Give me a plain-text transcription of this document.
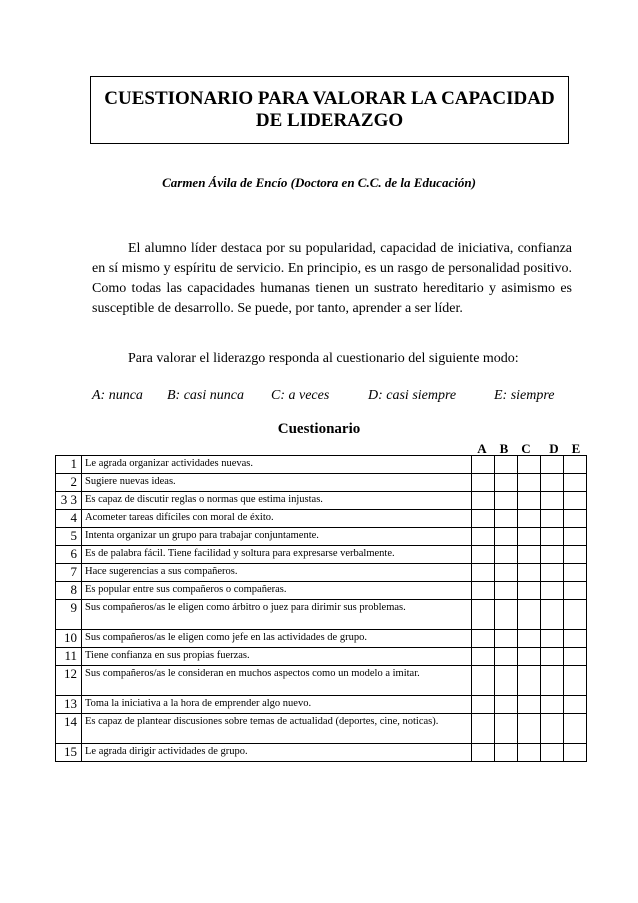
CUESTIONARIO PARA VALORAR LA CAPACIDAD
DE LIDERAZGO
Carmen Ávila de Encío (Doctora en C.C. de la Educación)

El alumno líder destaca por su popularidad, capacidad de iniciativa, confianza en sí mismo y espíritu de servicio. En principio, es un rasgo de personalidad positivo. Como todas las capacidades humanas tienen un sustrato hereditario y asimismo es susceptible de desarrollo. Se puede, por tanto, aprender a ser líder.

Para valorar el liderazgo responda al cuestionario del siguiente modo:

A: nunca B: casi nunca C: a veces	D: casi siempre	E: siempre
Cuestionario
A B C	D E
1	Le agrada organizar actividades nuevas.					
2	Sugiere nuevas ideas.					
3 3	Es capaz de discutir reglas o normas que estima injustas.					
4	Acometer tareas difíciles con moral de éxito.					
5	Intenta organizar un grupo para trabajar conjuntamente.					
6	Es de palabra fácil. Tiene facilidad y soltura para expresarse verbalmente.					
7	Hace sugerencias a sus compañeros.					
8	Es popular entre sus compañeros o compañeras.					
9	Sus compañeros/as le eligen como árbitro o juez para dirimir sus problemas.					
10	Sus compañeros/as le eligen como jefe en las actividades de grupo.					
11	Tiene confianza en sus propias fuerzas.					
12	Sus compañeros/as le consideran en muchos aspectos como un modelo a imitar.					
13	Toma la iniciativa a la hora de emprender algo nuevo.					
14	Es capaz de plantear discusiones sobre temas de actualidad (deportes, cine, noticas).					
15	Le agrada dirigir actividades de grupo.					
